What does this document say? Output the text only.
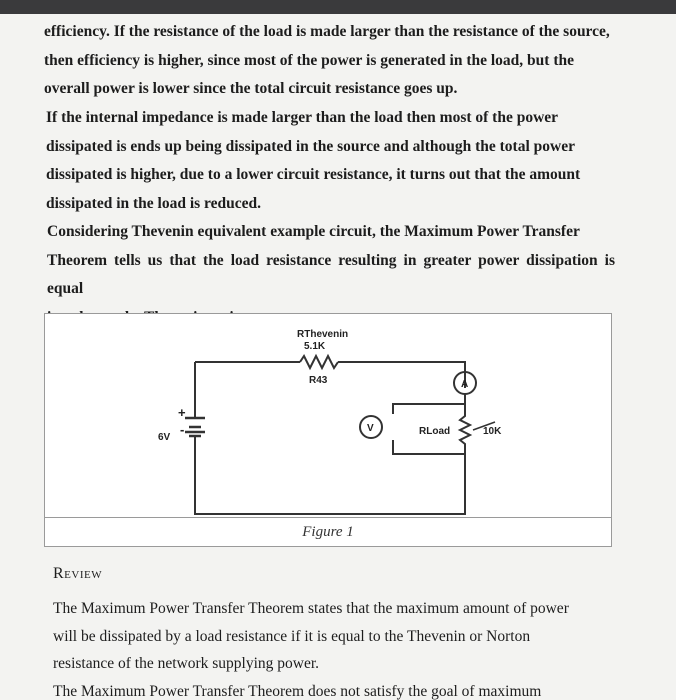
efficiency. If the resistance of the load is made larger than the resistance of the source,

then efficiency is higher, since most of the power is generated in the load, but the

overall power is lower since the total circuit resistance goes up.

If the internal impedance is made larger than the load then most of the power

dissipated is ends up being dissipated in the source and although the total power

dissipated is higher, due to a lower circuit resistance, it turns out that the amount

dissipated in the load is reduced.

Considering Thevenin equivalent example circuit, the Maximum Power Transfer

Theorem tells us that the load resistance resulting in greater power dissipation is equal

RThevenin
5.1K
R43
6V
+
-	V
A
RLoad	10K
Figure 1
Review

The Maximum Power Transfer Theorem states that the maximum amount of power

will be dissipated by a load resistance if it is equal to the Thevenin or Norton

resistance of the network supplying power.

The Maximum Power Transfer Theorem does not satisfy the goal of maximum
